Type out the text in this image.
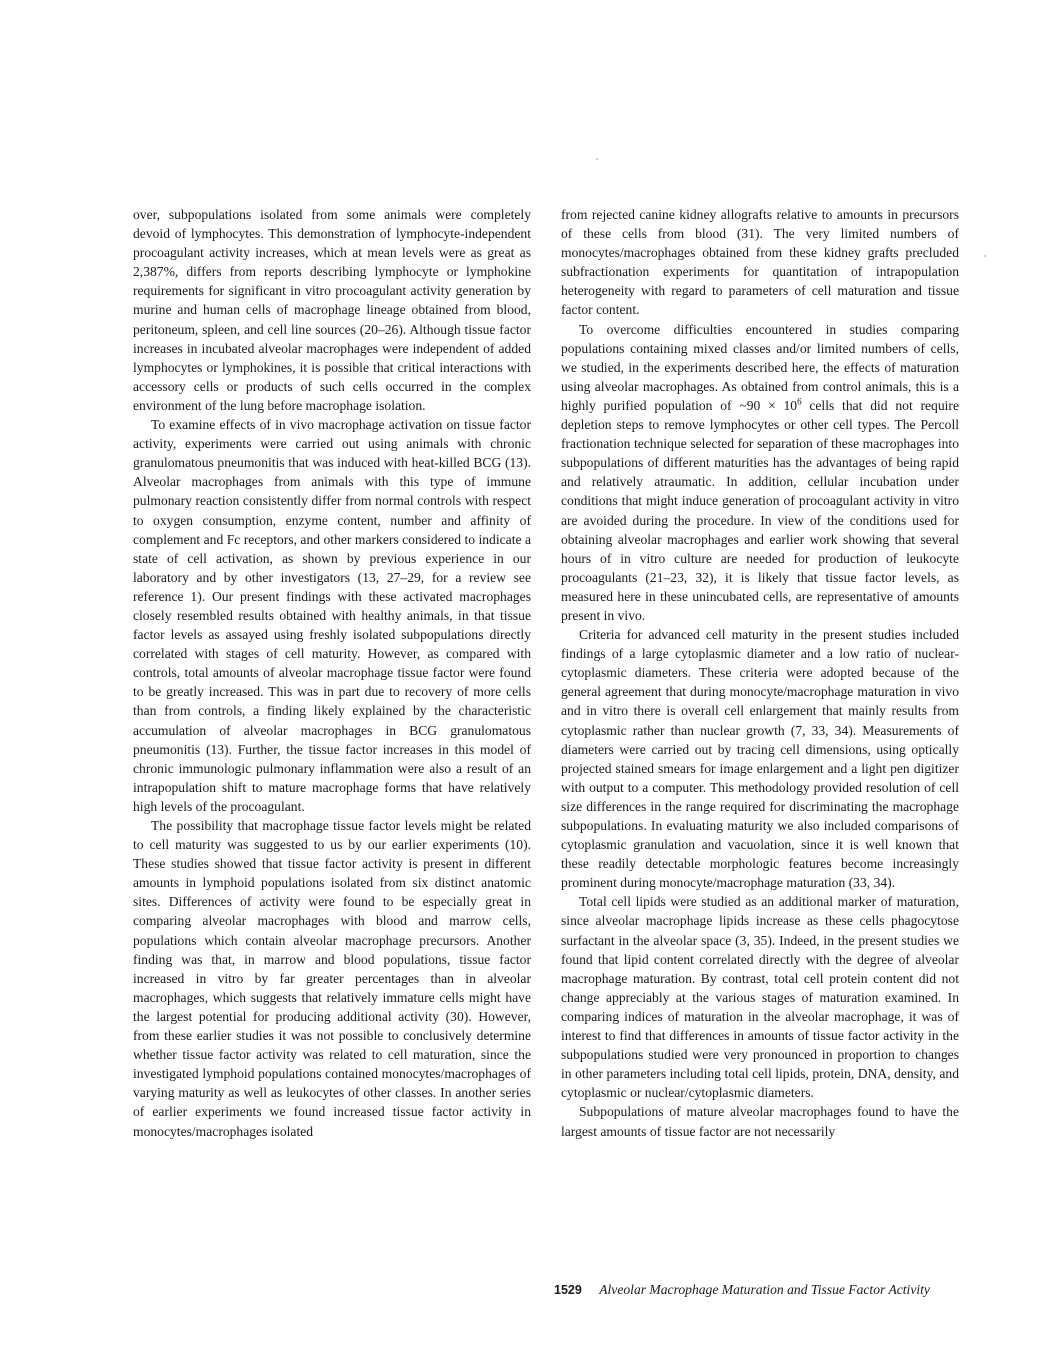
over, subpopulations isolated from some animals were completely devoid of lymphocytes. This demonstration of lymphocyte-independent procoagulant activity increases, which at mean levels were as great as 2,387%, differs from reports describing lymphocyte or lymphokine requirements for significant in vitro procoagulant activity generation by murine and human cells of macrophage lineage obtained from blood, peritoneum, spleen, and cell line sources (20–26). Although tissue factor increases in incubated alveolar macrophages were independent of added lymphocytes or lymphokines, it is possible that critical interactions with accessory cells or products of such cells occurred in the complex environment of the lung before macrophage isolation.

To examine effects of in vivo macrophage activation on tissue factor activity, experiments were carried out using animals with chronic granulomatous pneumonitis that was induced with heat-killed BCG (13). Alveolar macrophages from animals with this type of immune pulmonary reaction consistently differ from normal controls with respect to oxygen consumption, enzyme content, number and affinity of complement and Fc receptors, and other markers considered to indicate a state of cell activation, as shown by previous experience in our laboratory and by other investigators (13, 27–29, for a review see reference 1). Our present findings with these activated macrophages closely resembled results obtained with healthy animals, in that tissue factor levels as assayed using freshly isolated subpopulations directly correlated with stages of cell maturity. However, as compared with controls, total amounts of alveolar macrophage tissue factor were found to be greatly increased. This was in part due to recovery of more cells than from controls, a finding likely explained by the characteristic accumulation of alveolar macrophages in BCG granulomatous pneumonitis (13). Further, the tissue factor increases in this model of chronic immunologic pulmonary inflammation were also a result of an intrapopulation shift to mature macrophage forms that have relatively high levels of the procoagulant.

The possibility that macrophage tissue factor levels might be related to cell maturity was suggested to us by our earlier experiments (10). These studies showed that tissue factor activity is present in different amounts in lymphoid populations isolated from six distinct anatomic sites. Differences of activity were found to be especially great in comparing alveolar macrophages with blood and marrow cells, populations which contain alveolar macrophage precursors. Another finding was that, in marrow and blood populations, tissue factor increased in vitro by far greater percentages than in alveolar macrophages, which suggests that relatively immature cells might have the largest potential for producing additional activity (30). However, from these earlier studies it was not possible to conclusively determine whether tissue factor activity was related to cell maturation, since the investigated lymphoid populations contained monocytes/macrophages of varying maturity as well as leukocytes of other classes. In another series of earlier experiments we found increased tissue factor activity in monocytes/macrophages isolated

from rejected canine kidney allografts relative to amounts in precursors of these cells from blood (31). The very limited numbers of monocytes/macrophages obtained from these kidney grafts precluded subfractionation experiments for quantitation of intrapopulation heterogeneity with regard to parameters of cell maturation and tissue factor content.

To overcome difficulties encountered in studies comparing populations containing mixed classes and/or limited numbers of cells, we studied, in the experiments described here, the effects of maturation using alveolar macrophages. As obtained from control animals, this is a highly purified population of ~90 × $10^6$ cells that did not require depletion steps to remove lymphocytes or other cell types. The Percoll fractionation technique selected for separation of these macrophages into subpopulations of different maturities has the advantages of being rapid and relatively atraumatic. In addition, cellular incubation under conditions that might induce generation of procoagulant activity in vitro are avoided during the procedure. In view of the conditions used for obtaining alveolar macrophages and earlier work showing that several hours of in vitro culture are needed for production of leukocyte procoagulants (21–23, 32), it is likely that tissue factor levels, as measured here in these unincubated cells, are representative of amounts present in vivo.

Criteria for advanced cell maturity in the present studies included findings of a large cytoplasmic diameter and a low ratio of nuclear-cytoplasmic diameters. These criteria were adopted because of the general agreement that during monocyte/macrophage maturation in vivo and in vitro there is overall cell enlargement that mainly results from cytoplasmic rather than nuclear growth (7, 33, 34). Measurements of diameters were carried out by tracing cell dimensions, using optically projected stained smears for image enlargement and a light pen digitizer with output to a computer. This methodology provided resolution of cell size differences in the range required for discriminating the macrophage subpopulations. In evaluating maturity we also included comparisons of cytoplasmic granulation and vacuolation, since it is well known that these readily detectable morphologic features become increasingly prominent during monocyte/macrophage maturation (33, 34).

Total cell lipids were studied as an additional marker of maturation, since alveolar macrophage lipids increase as these cells phagocytose surfactant in the alveolar space (3, 35). Indeed, in the present studies we found that lipid content correlated directly with the degree of alveolar macrophage maturation. By contrast, total cell protein content did not change appreciably at the various stages of maturation examined. In comparing indices of maturation in the alveolar macrophage, it was of interest to find that differences in amounts of tissue factor activity in the subpopulations studied were very pronounced in proportion to changes in other parameters including total cell lipids, protein, DNA, density, and cytoplasmic or nuclear/cytoplasmic diameters.

Subpopulations of mature alveolar macrophages found to have the largest amounts of tissue factor are not necessarily

1529 Alveolar Macrophage Maturation and Tissue Factor Activity
